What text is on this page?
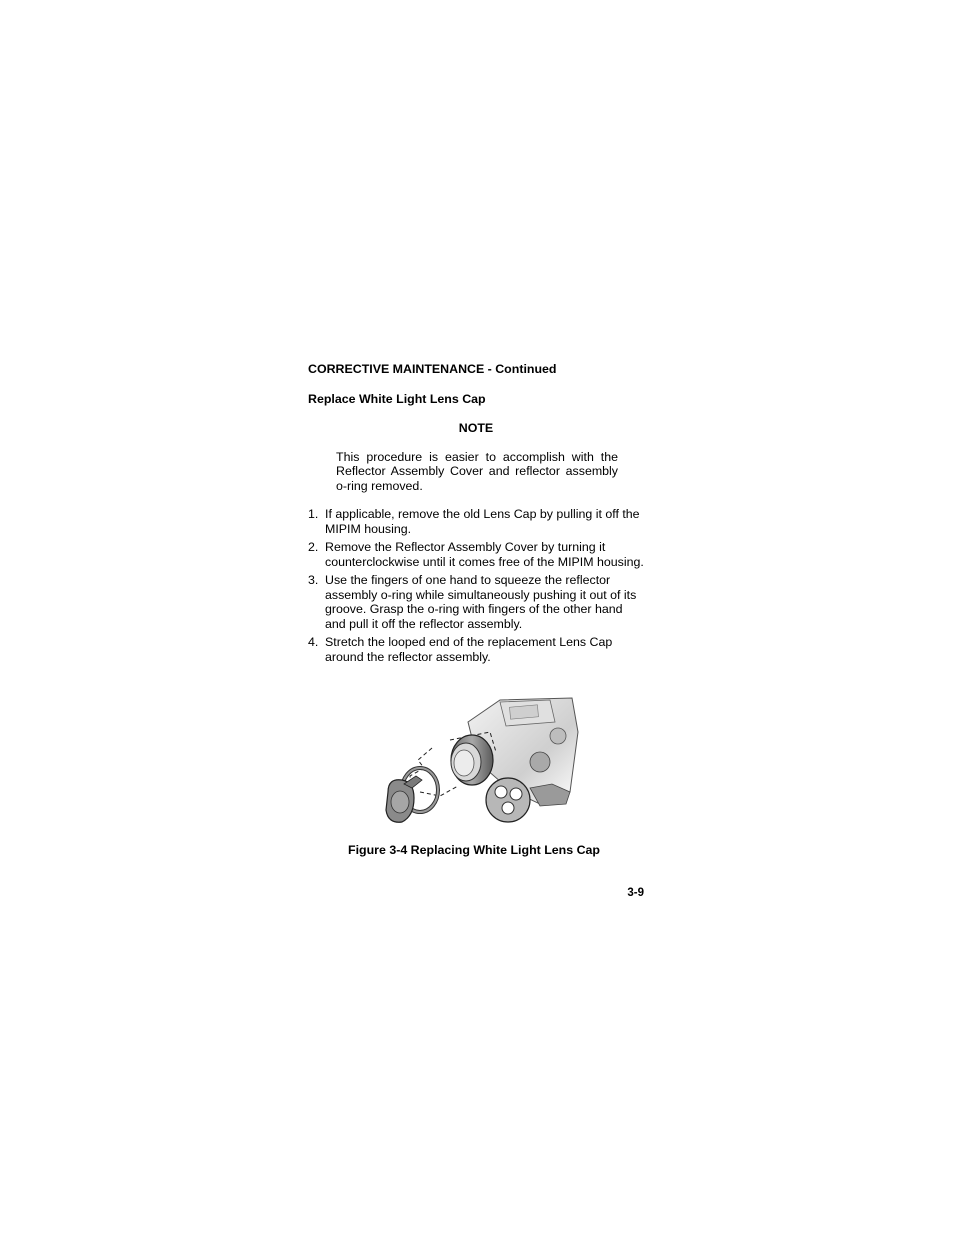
CORRECTIVE MAINTENANCE - Continued

Replace White Light Lens Cap

NOTE

This procedure is easier to accomplish with the Reflector Assembly Cover and reflector assembly o-ring removed.

1. If applicable, remove the old Lens Cap by pulling it off the MIPIM housing.
2. Remove the Reflector Assembly Cover by turning it counterclockwise until it comes free of the MIPIM housing.
3. Use the fingers of one hand to squeeze the reflector assembly o-ring while simultaneously pushing it out of its groove. Grasp the o-ring with fingers of the other hand and pull it off the reflector assembly.
4. Stretch the looped end of the replacement Lens Cap around the reflector assembly.

Figure 3-4 Replacing White Light Lens Cap

3-9
